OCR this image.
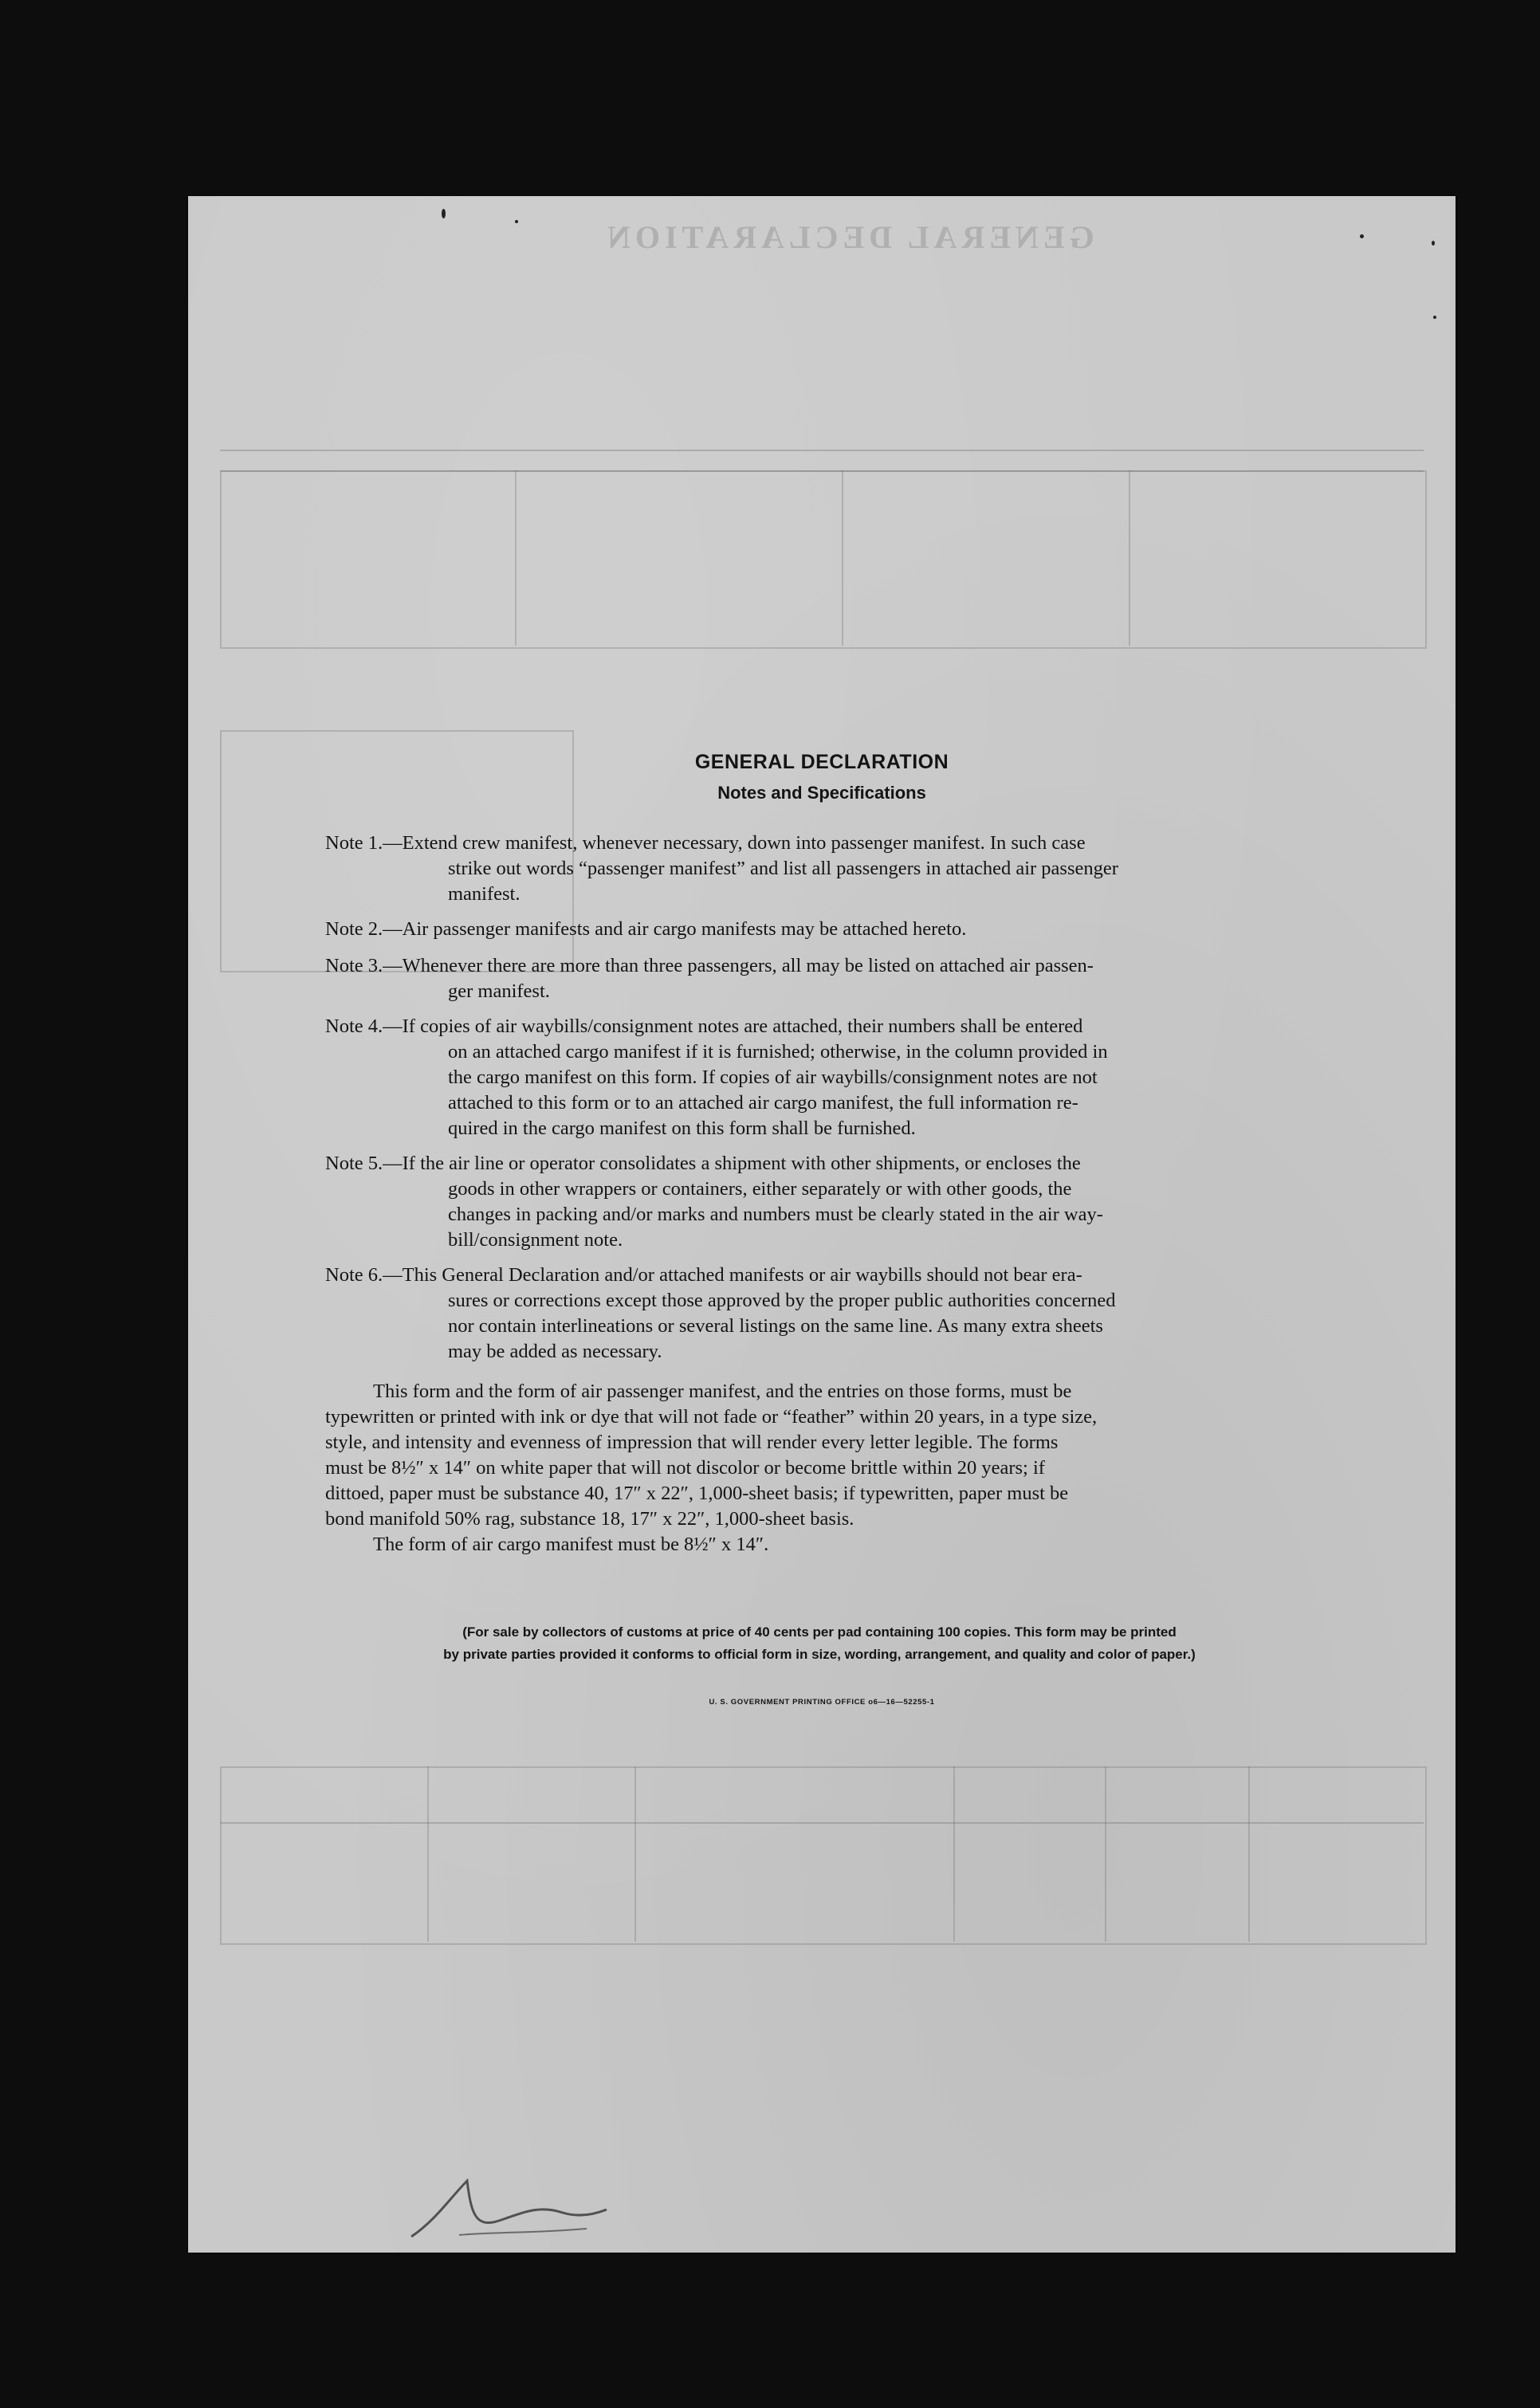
GENERAL DECLARATION
GENERAL DECLARATION
Notes and Specifications
Note 1.—Extend crew manifest, whenever necessary, down into passenger manifest. In such case
strike out words “passenger manifest” and list all passengers in attached air passenger
manifest.
Note 2.—Air passenger manifests and air cargo manifests may be attached hereto.
Note 3.—Whenever there are more than three passengers, all may be listed on attached air passen-
ger manifest.
Note 4.—If copies of air waybills/consignment notes are attached, their numbers shall be entered
on an attached cargo manifest if it is furnished; otherwise, in the column provided in
the cargo manifest on this form. If copies of air waybills/consignment notes are not
attached to this form or to an attached air cargo manifest, the full information re-
quired in the cargo manifest on this form shall be furnished.
Note 5.—If the air line or operator consolidates a shipment with other shipments, or encloses the
goods in other wrappers or containers, either separately or with other goods, the
changes in packing and/or marks and numbers must be clearly stated in the air way-
bill/consignment note.
Note 6.—This General Declaration and/or attached manifests or air waybills should not bear era-
sures or corrections except those approved by the proper public authorities concerned
nor contain interlineations or several listings on the same line. As many extra sheets
may be added as necessary.
This form and the form of air passenger manifest, and the entries on those forms, must be
typewritten or printed with ink or dye that will not fade or “feather” within 20 years, in a type size,
style, and intensity and evenness of impression that will render every letter legible. The forms
must be 8½″ x 14″ on white paper that will not discolor or become brittle within 20 years; if
dittoed, paper must be substance 40, 17″ x 22″, 1,000-sheet basis; if typewritten, paper must be
bond manifold 50% rag, substance 18, 17″ x 22″, 1,000-sheet basis.
The form of air cargo manifest must be 8½″ x 14″.
(For sale by collectors of customs at price of 40 cents per pad containing 100 copies. This form may be printed
by private parties provided it conforms to official form in size, wording, arrangement, and quality and color of paper.)
U. S. GOVERNMENT PRINTING OFFICE o6—16—52255-1
